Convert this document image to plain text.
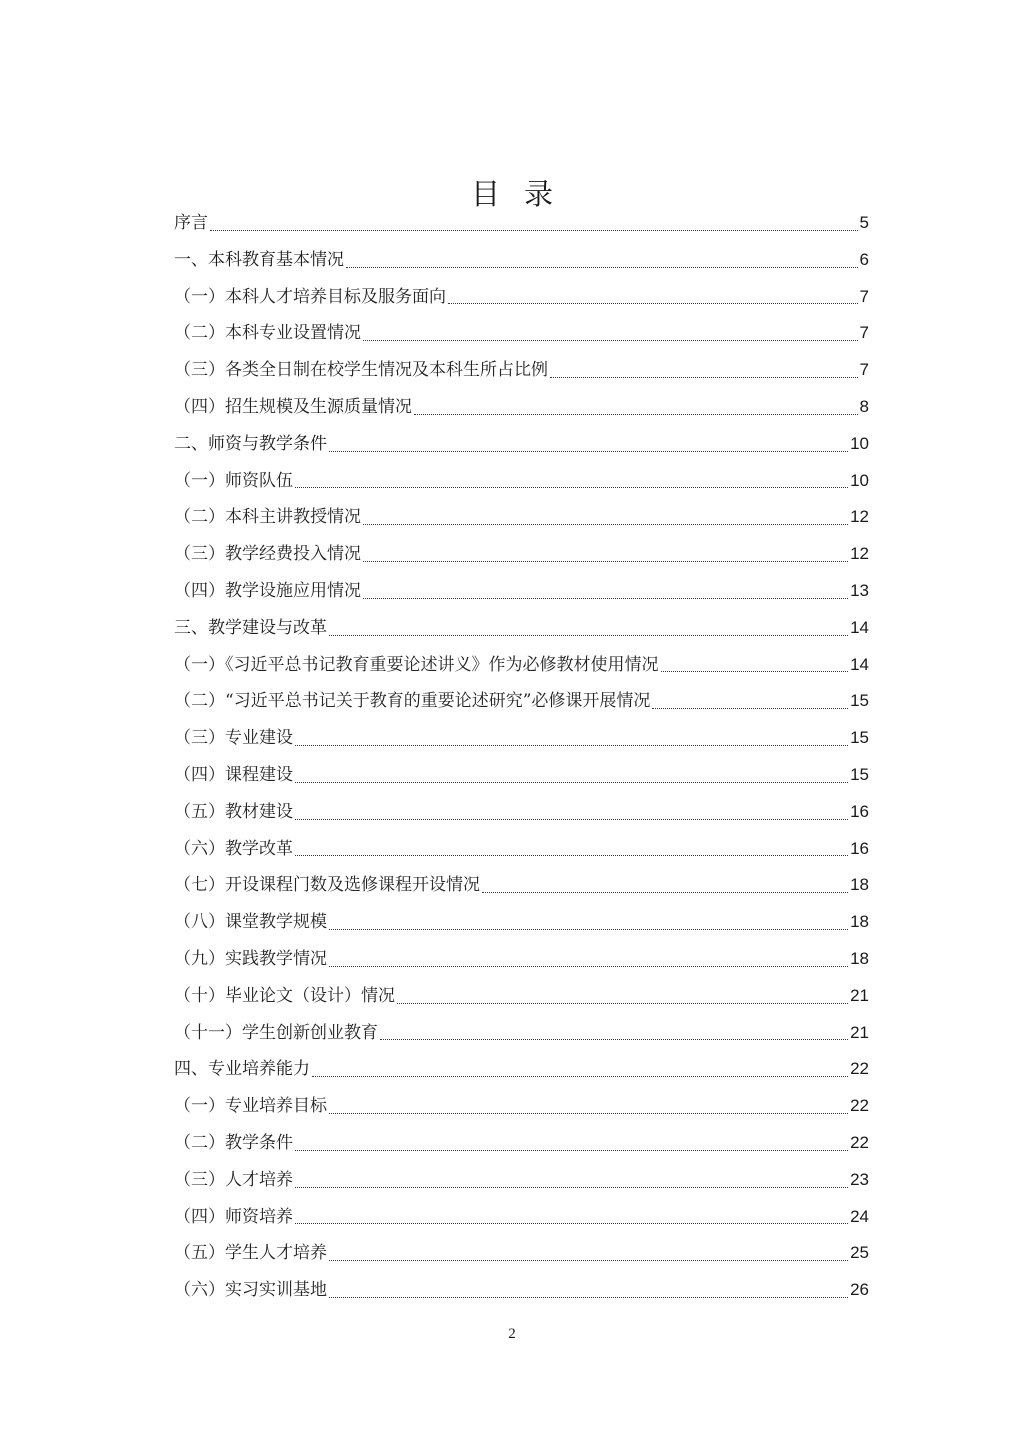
目录
序言	5
一、本科教育基本情况	6
（一）本科人才培养目标及服务面向	7
（二）本科专业设置情况	7
（三）各类全日制在校学生情况及本科生所占比例	7
（四）招生规模及生源质量情况	8
二、师资与教学条件	10
（一）师资队伍	10
（二）本科主讲教授情况	12
（三）教学经费投入情况	12
（四）教学设施应用情况	13
三、教学建设与改革	14
（一）《习近平总书记教育重要论述讲义》作为必修教材使用情况	14
（二）“习近平总书记关于教育的重要论述研究”必修课开展情况	15
（三）专业建设	15
（四）课程建设	15
（五）教材建设	16
（六）教学改革	16
（七）开设课程门数及选修课程开设情况	18
（八）课堂教学规模	18
（九）实践教学情况	18
（十）毕业论文（设计）情况	21
（十一）学生创新创业教育	21
四、专业培养能力	22
（一）专业培养目标	22
（二）教学条件	22
（三）人才培养	23
（四）师资培养	24
（五）学生人才培养	25
（六）实习实训基地	26
2
